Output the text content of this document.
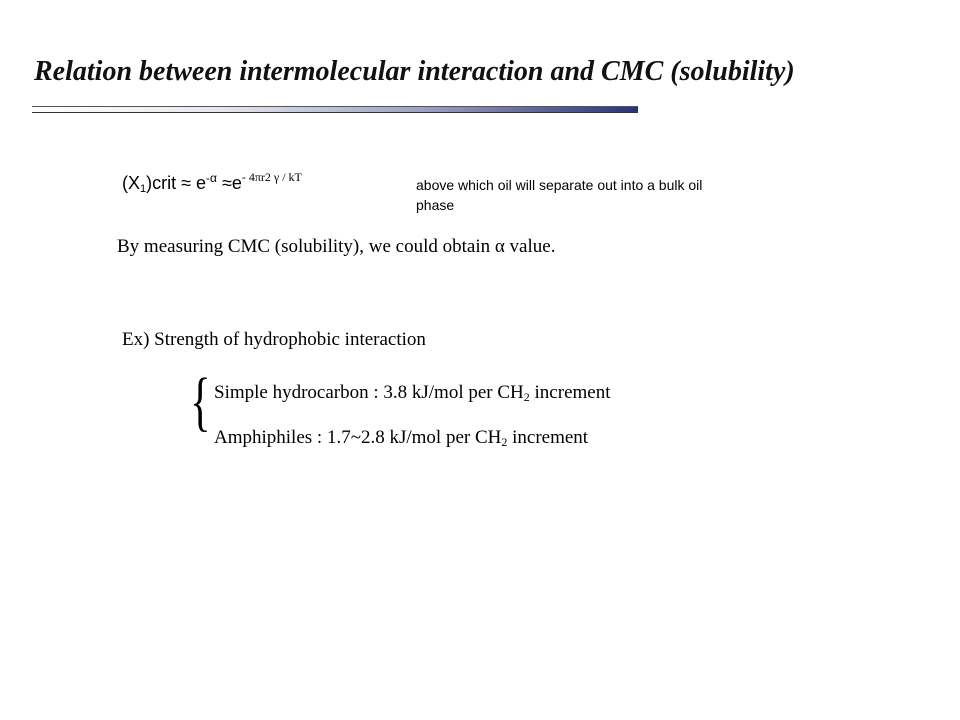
Relation between intermolecular interaction and CMC (solubility)
$(X_1)crit \approx e^{-\alpha} \approx e^{- 4\pi r2 \gamma / kT}$	above which oil will separate out into a bulk oil phase
By measuring CMC (solubility), we could obtain α value.
Ex) Strength of hydrophobic interaction
{ Simple hydrocarbon : 3.8 kJ/mol per $CH_2$ increment
Amphiphiles : 1.7~2.8 kJ/mol per $CH_2$ increment
